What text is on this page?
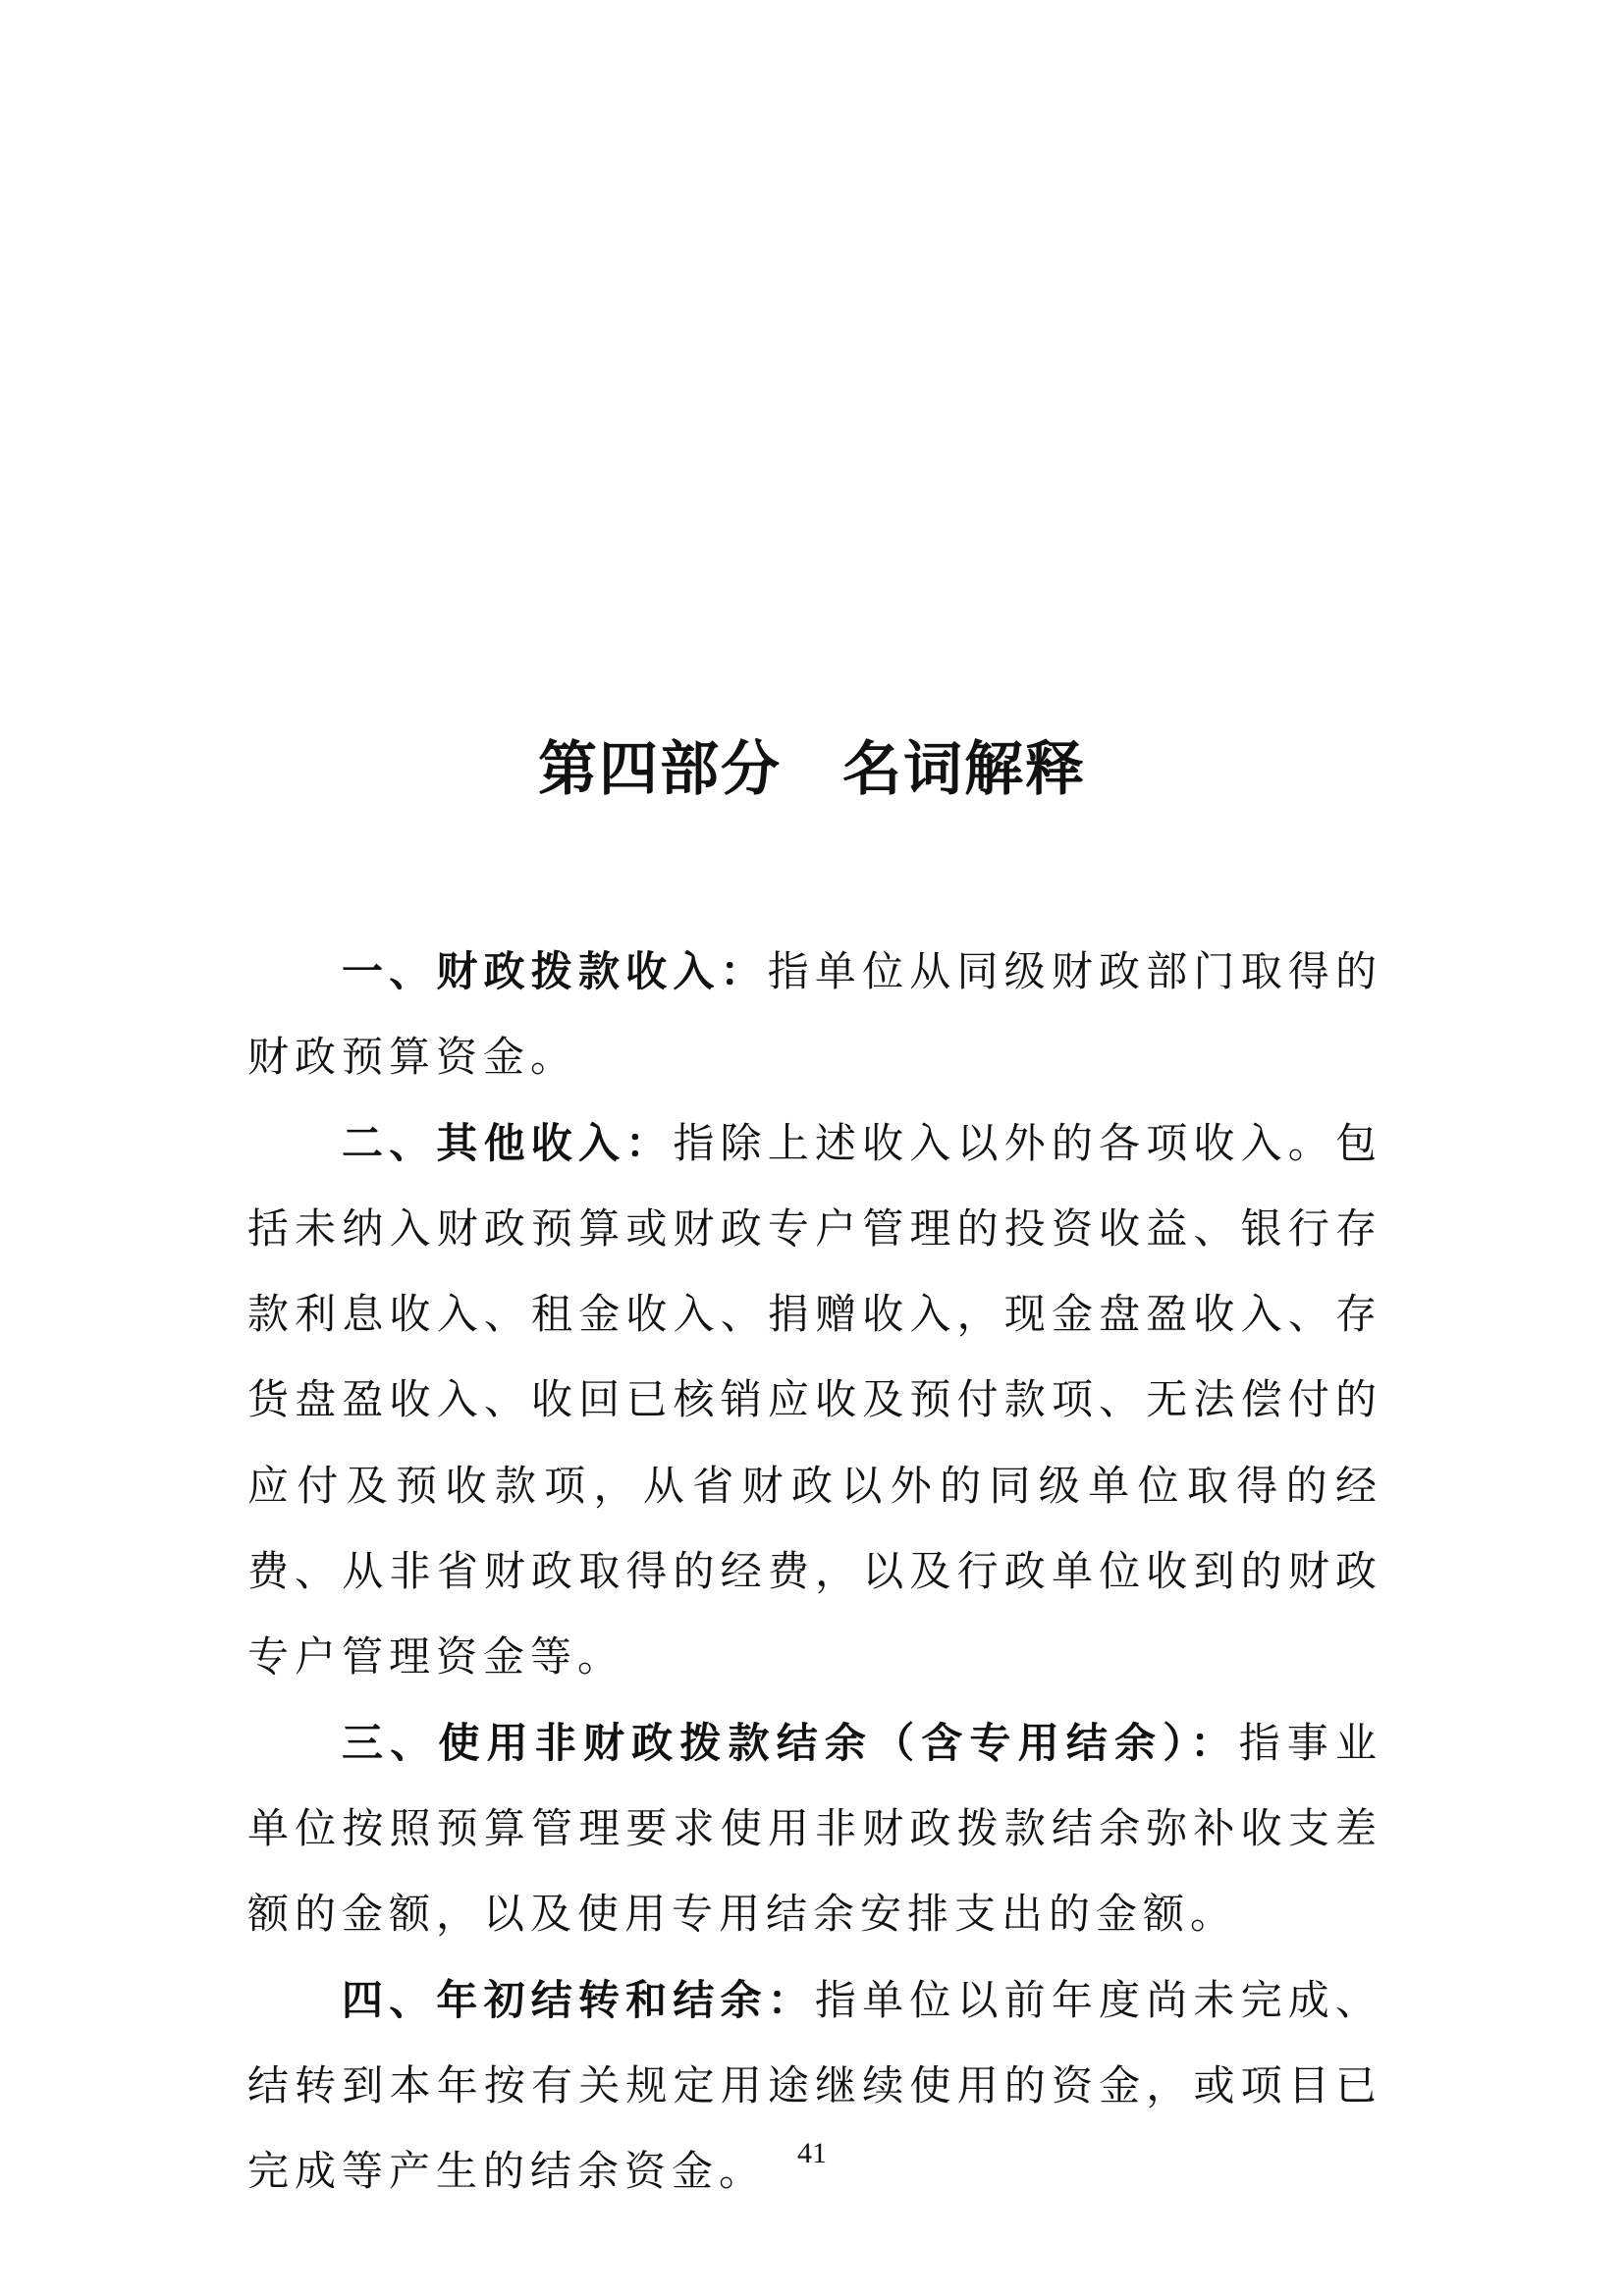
第四部分　名词解释

一、财政拨款收入：指单位从同级财政部门取得的财政预算资金。

二、其他收入：指除上述收入以外的各项收入。包括未纳入财政预算或财政专户管理的投资收益、银行存款利息收入、租金收入、捐赠收入，现金盘盈收入、存货盘盈收入、收回已核销应收及预付款项、无法偿付的应付及预收款项，从省财政以外的同级单位取得的经费、从非省财政取得的经费，以及行政单位收到的财政专户管理资金等。

三、使用非财政拨款结余（含专用结余）：指事业单位按照预算管理要求使用非财政拨款结余弥补收支差额的金额，以及使用专用结余安排支出的金额。

四、年初结转和结余：指单位以前年度尚未完成、结转到本年按有关规定用途继续使用的资金，或项目已完成等产生的结余资金。	41
